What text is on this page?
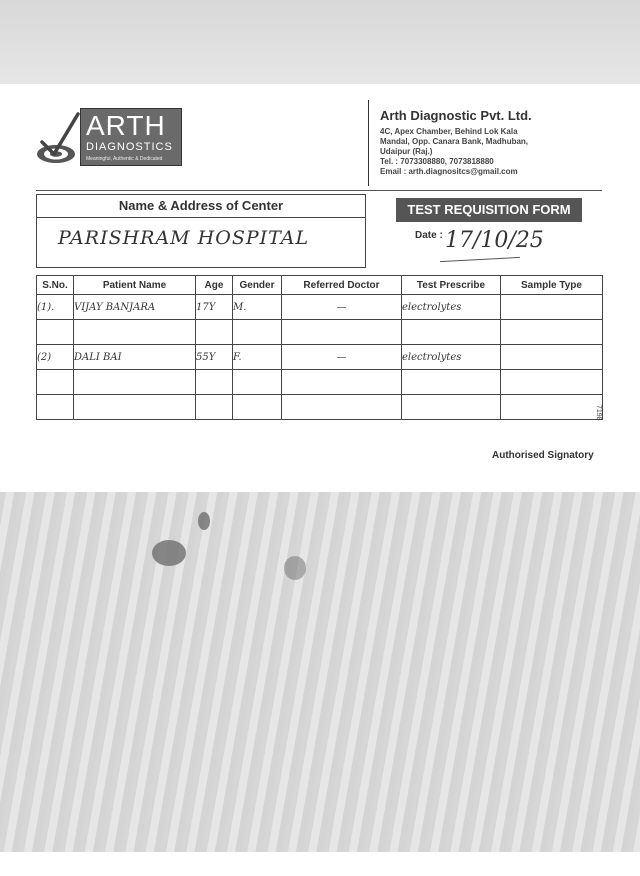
ARTH
DIAGNOSTICS
Meaningful, Authentic & Dedicated
Arth Diagnostic Pvt. Ltd.
4C, Apex Chamber, Behind Lok Kala
Mandal, Opp. Canara Bank, Madhuban,
Udaipur (Raj.)
Tel. : 7073308880, 7073818880
Email : arth.diagnositcs@gmail.com
Name & Address of Center
PARISHRAM HOSPITAL
TEST REQUISITION FORM
Date : 17/10/25
S.No.	Patient Name	Age	Gender	Referred Doctor	Test Prescribe	Sample Type
(1).	VIJAY BANJARA	17Y	M.	—	electrolytes	

(2)	DALI BAI	55Y	F.	—	electrolytes	

7198
Authorised Signatory
